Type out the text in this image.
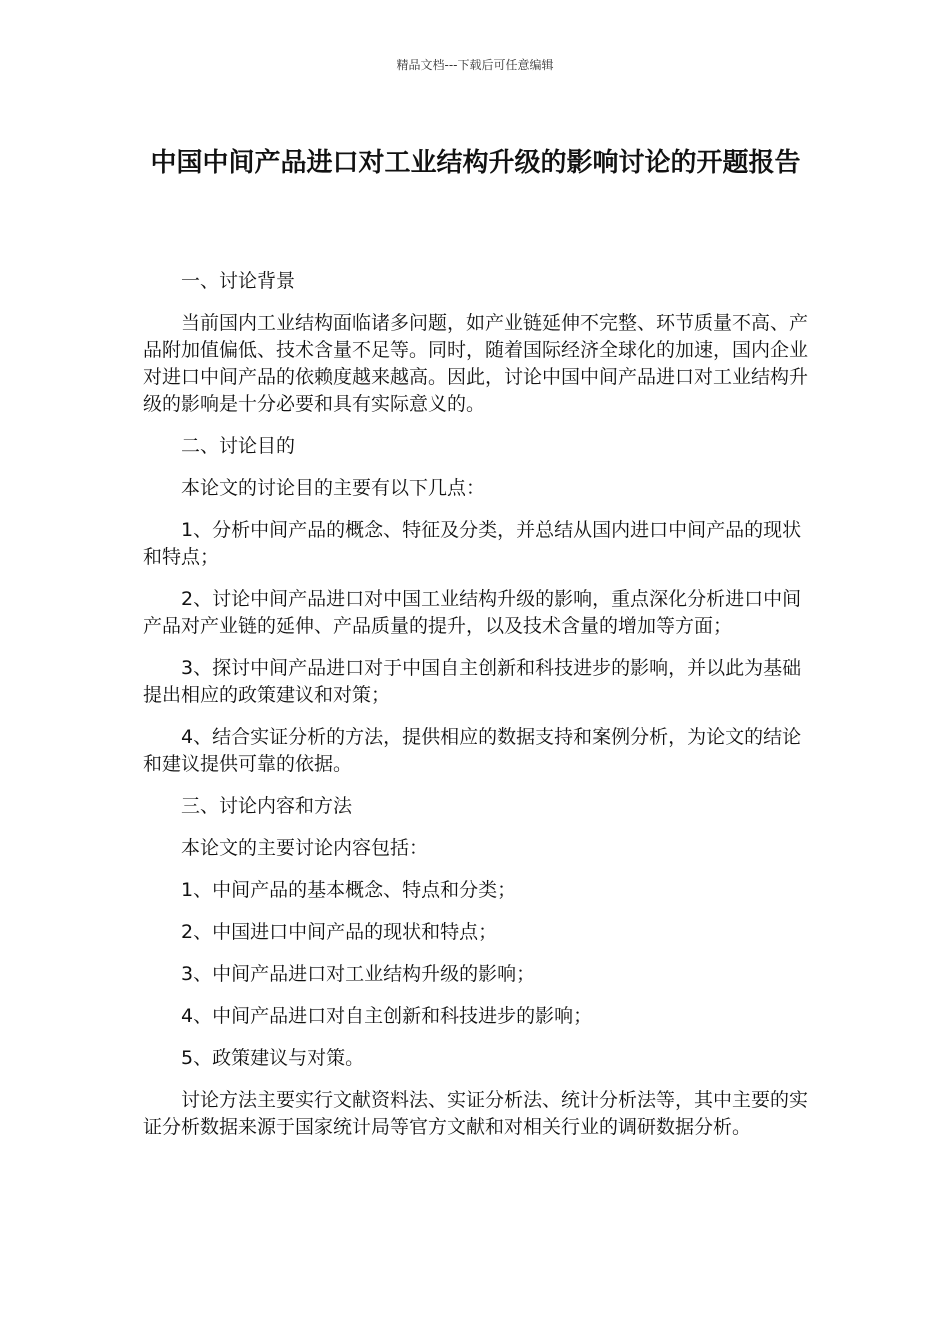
精品文档---下载后可任意编辑
中国中间产品进口对工业结构升级的影响讨论的开题报告

一、讨论背景

当前国内工业结构面临诸多问题，如产业链延伸不完整、环节质量不高、产品附加值偏低、技术含量不足等。同时，随着国际经济全球化的加速，国内企业对进口中间产品的依赖度越来越高。因此，讨论中国中间产品进口对工业结构升级的影响是十分必要和具有实际意义的。

二、讨论目的

本论文的讨论目的主要有以下几点：

1、分析中间产品的概念、特征及分类，并总结从国内进口中间产品的现状和特点；

2、讨论中间产品进口对中国工业结构升级的影响，重点深化分析进口中间产品对产业链的延伸、产品质量的提升，以及技术含量的增加等方面；

3、探讨中间产品进口对于中国自主创新和科技进步的影响，并以此为基础提出相应的政策建议和对策；

4、结合实证分析的方法，提供相应的数据支持和案例分析，为论文的结论和建议提供可靠的依据。

三、讨论内容和方法

本论文的主要讨论内容包括：

1、中间产品的基本概念、特点和分类；

2、中国进口中间产品的现状和特点；

3、中间产品进口对工业结构升级的影响；

4、中间产品进口对自主创新和科技进步的影响；

5、政策建议与对策。

讨论方法主要实行文献资料法、实证分析法、统计分析法等，其中主要的实证分析数据来源于国家统计局等官方文献和对相关行业的调研数据分析。
